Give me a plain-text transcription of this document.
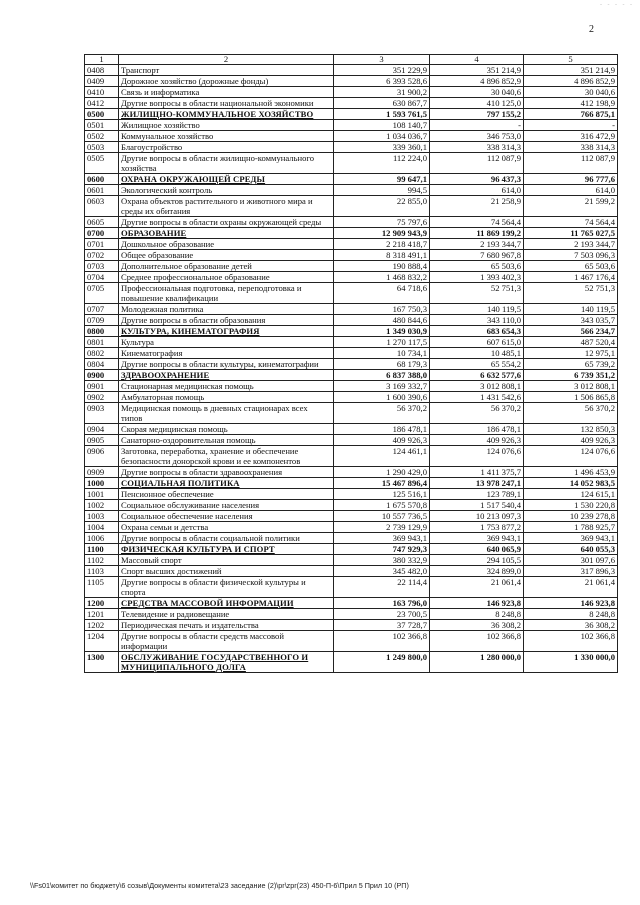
2
- - - - -
1	2	3	4	5
0408	Транспорт	351 229,9	351 214,9	351 214,9
0409	Дорожное хозяйство (дорожные фонды)	6 393 528,6	4 896 852,9	4 896 852,9
0410	Связь и информатика	31 900,2	30 040,6	30 040,6
0412	Другие вопросы в области национальной экономики	630 867,7	410 125,0	412 198,9
0500	ЖИЛИЩНО-КОММУНАЛЬНОЕ ХОЗЯЙСТВО	1 593 761,5	797 155,2	766 875,1
0501	Жилищное хозяйство	108 140,7	-	-
0502	Коммунальное хозяйство	1 034 036,7	346 753,0	316 472,9
0503	Благоустройство	339 360,1	338 314,3	338 314,3
0505	Другие вопросы в области жилищно-коммунального хозяйства	112 224,0	112 087,9	112 087,9
0600	ОХРАНА ОКРУЖАЮЩЕЙ СРЕДЫ	99 647,1	96 437,3	96 777,6
0601	Экологический контроль	994,5	614,0	614,0
0603	Охрана объектов растительного и животного мира и среды их обитания	22 855,0	21 258,9	21 599,2
0605	Другие вопросы в области охраны окружающей среды	75 797,6	74 564,4	74 564,4
0700	ОБРАЗОВАНИЕ	12 909 943,9	11 869 199,2	11 765 027,5
0701	Дошкольное образование	2 218 418,7	2 193 344,7	2 193 344,7
0702	Общее образование	8 318 491,1	7 680 967,8	7 503 096,3
0703	Дополнительное образование детей	190 888,4	65 503,6	65 503,6
0704	Среднее профессиональное образование	1 468 832,2	1 393 402,3	1 467 176,4
0705	Профессиональная подготовка, переподготовка и повышение квалификации	64 718,6	52 751,3	52 751,3
0707	Молодежная политика	167 750,3	140 119,5	140 119,5
0709	Другие вопросы в области образования	480 844,6	343 110,0	343 035,7
0800	КУЛЬТУРА, КИНЕМАТОГРАФИЯ	1 349 030,9	683 654,3	566 234,7
0801	Культура	1 270 117,5	607 615,0	487 520,4
0802	Кинематография	10 734,1	10 485,1	12 975,1
0804	Другие вопросы в области культуры, кинематографии	68 179,3	65 554,2	65 739,2
0900	ЗДРАВООХРАНЕНИЕ	6 837 388,0	6 632 577,6	6 739 351,2
0901	Стационарная медицинская помощь	3 169 332,7	3 012 808,1	3 012 808,1
0902	Амбулаторная помощь	1 600 390,6	1 431 542,6	1 506 865,8
0903	Медицинская помощь в дневных стационарах всех типов	56 370,2	56 370,2	56 370,2
0904	Скорая медицинская помощь	186 478,1	186 478,1	132 850,3
0905	Санаторно-оздоровительная помощь	409 926,3	409 926,3	409 926,3
0906	Заготовка, переработка, хранение и обеспечение безопасности донорской крови и ее компонентов	124 461,1	124 076,6	124 076,6
0909	Другие вопросы в области здравоохранения	1 290 429,0	1 411 375,7	1 496 453,9
1000	СОЦИАЛЬНАЯ ПОЛИТИКА	15 467 896,4	13 978 247,1	14 052 983,5
1001	Пенсионное обеспечение	125 516,1	123 789,1	124 615,1
1002	Социальное обслуживание населения	1 675 570,8	1 517 540,4	1 530 220,8
1003	Социальное обеспечение населения	10 557 736,5	10 213 097,3	10 239 278,8
1004	Охрана семьи и детства	2 739 129,9	1 753 877,2	1 788 925,7
1006	Другие вопросы в области социальной политики	369 943,1	369 943,1	369 943,1
1100	ФИЗИЧЕСКАЯ КУЛЬТУРА И СПОРТ	747 929,3	640 065,9	640 055,3
1102	Массовый спорт	380 332,9	294 105,5	301 097,6
1103	Спорт высших достижений	345 482,0	324 899,0	317 896,3
1105	Другие вопросы в области физической культуры и спорта	22 114,4	21 061,4	21 061,4
1200	СРЕДСТВА МАССОВОЙ ИНФОРМАЦИИ	163 796,0	146 923,8	146 923,8
1201	Телевидение и радиовещание	23 700,5	8 248,8	8 248,8
1202	Периодическая печать и издательства	37 728,7	36 308,2	36 308,2
1204	Другие вопросы в области средств массовой информации	102 366,8	102 366,8	102 366,8
1300	ОБСЛУЖИВАНИЕ ГОСУДАРСТВЕННОГО И МУНИЦИПАЛЬНОГО ДОЛГА	1 249 800,0	1 280 000,0	1 330 000,0
\\Fs01\комитет по бюджету\6 созыв\Документы комитета\23 заседание (2)\pr\zpr(23) 450-П-6\Прил 5 Прил 10 (РП)
